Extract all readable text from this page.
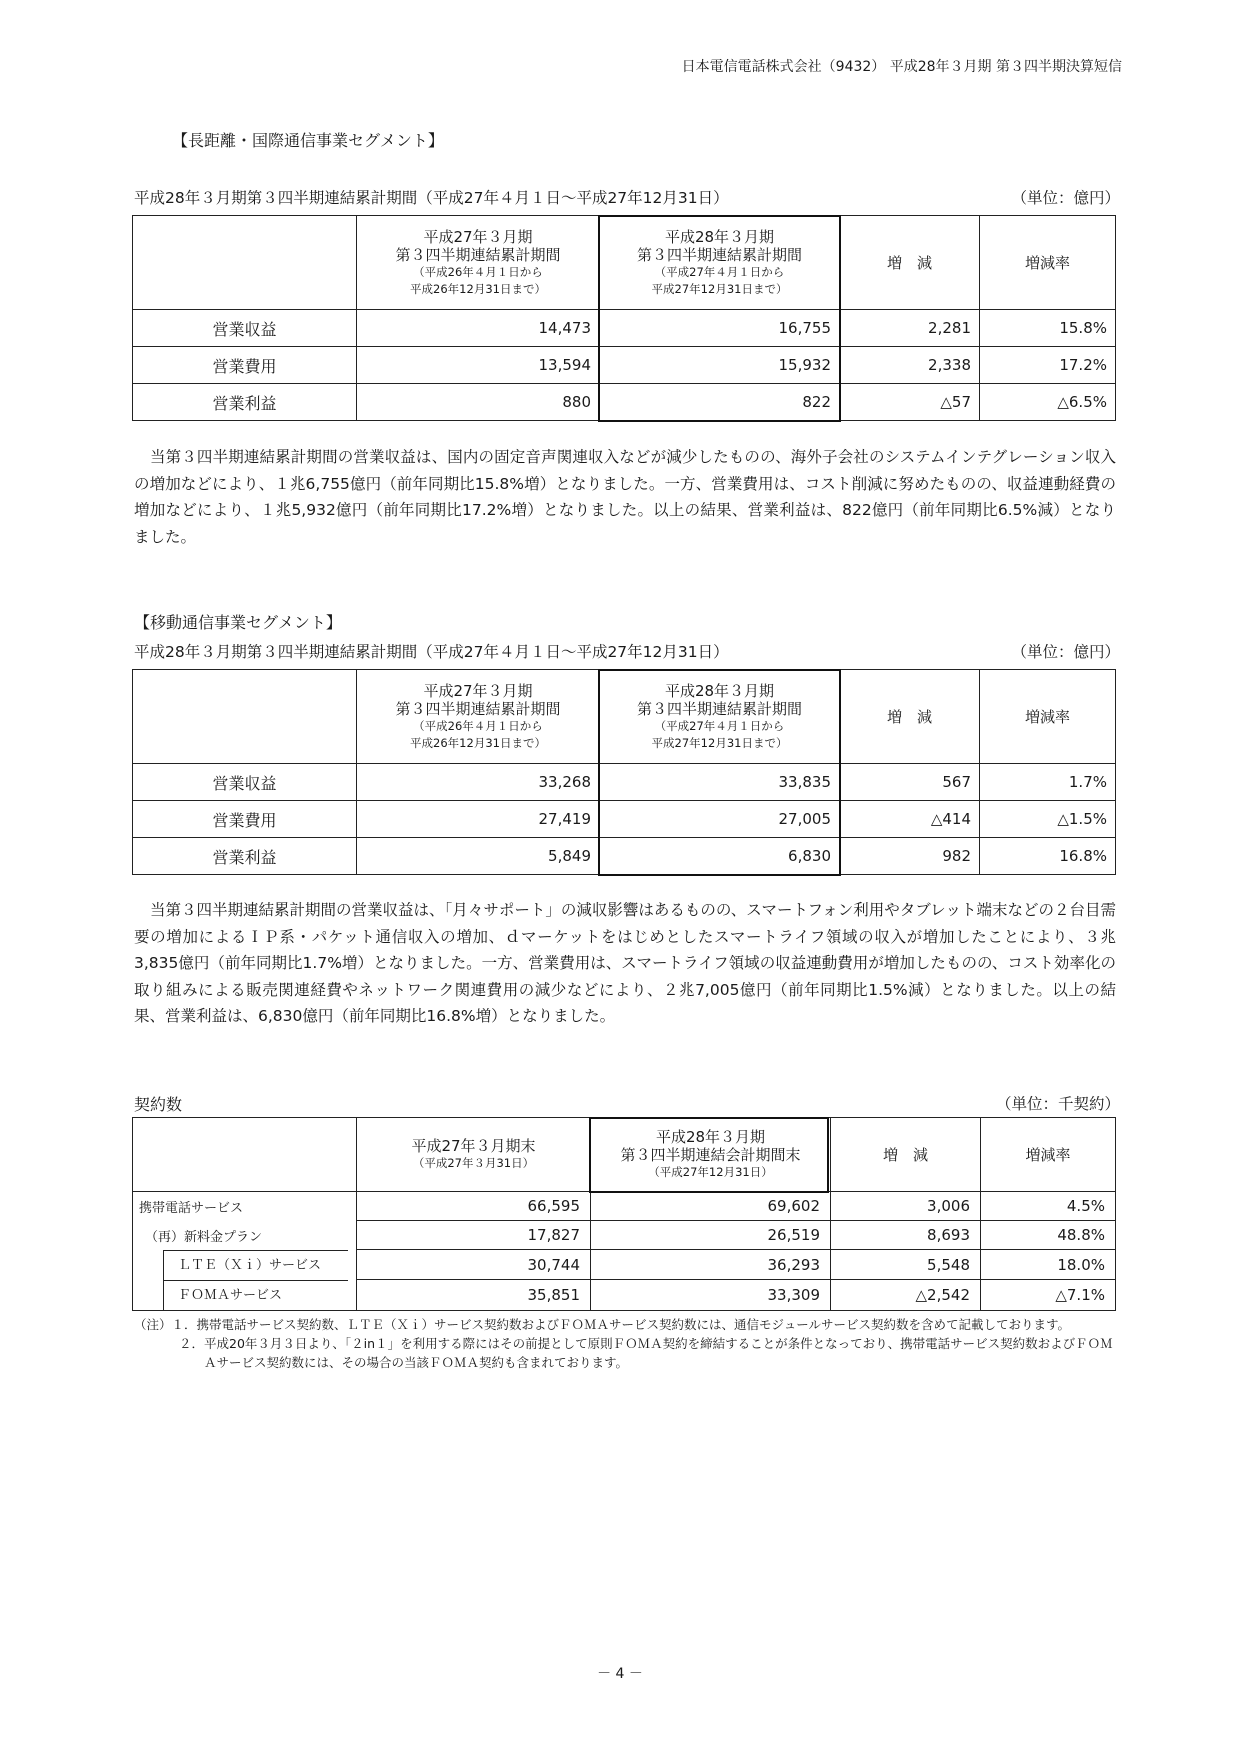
日本電信電話株式会社（9432） 平成28年３月期 第３四半期決算短信
【長距離・国際通信事業セグメント】
平成28年３月期第３四半期連結累計期間（平成27年４月１日～平成27年12月31日）	（単位：億円）

	平成27年３月期
第３四半期連結累計期間
（平成26年４月１日から
平成26年12月31日まで）	平成28年３月期
第３四半期連結累計期間
（平成27年４月１日から
平成27年12月31日まで）	増　減	増減率
営業収益	14,473	16,755	2,281	15.8%
営業費用	13,594	15,932	2,338	17.2%
営業利益	880	822	△57	△6.5%
当第３四半期連結累計期間の営業収益は、国内の固定音声関連収入などが減少したものの、海外子会社のシステムインテグレーション収入の増加などにより、１兆6,755億円（前年同期比15.8%増）となりました。一方、営業費用は、コスト削減に努めたものの、収益連動経費の増加などにより、１兆5,932億円（前年同期比17.2%増）となりました。以上の結果、営業利益は、822億円（前年同期比6.5%減）となりました。
【移動通信事業セグメント】
平成28年３月期第３四半期連結累計期間（平成27年４月１日～平成27年12月31日）	（単位：億円）

	平成27年３月期
第３四半期連結累計期間
（平成26年４月１日から
平成26年12月31日まで）	平成28年３月期
第３四半期連結累計期間
（平成27年４月１日から
平成27年12月31日まで）	増　減	増減率
営業収益	33,268	33,835	567	1.7%
営業費用	27,419	27,005	△414	△1.5%
営業利益	5,849	6,830	982	16.8%
当第３四半期連結累計期間の営業収益は、「月々サポート」の減収影響はあるものの、スマートフォン利用やタブレット端末などの２台目需要の増加によるＩＰ系・パケット通信収入の増加、ｄマーケットをはじめとしたスマートライフ領域の収入が増加したことにより、３兆3,835億円（前年同期比1.7%増）となりました。一方、営業費用は、スマートライフ領域の収益連動費用が増加したものの、コスト効率化の取り組みによる販売関連経費やネットワーク関連費用の減少などにより、２兆7,005億円（前年同期比1.5%減）となりました。以上の結果、営業利益は、6,830億円（前年同期比16.8%増）となりました。
契約数	（単位：千契約）

	平成27年３月期末
（平成27年３月31日）	平成28年３月期
第３四半期連結会計期間末
（平成27年12月31日）	増　減	増減率
携帯電話サービス	66,595	69,602	3,006	4.5%
（再）新料金プラン	17,827	26,519	8,693	48.8%

ＬＴＥ（Ｘｉ）サービス	30,744	36,293	5,548	18.0%

ＦＯＭＡサービス	35,851	33,309	△2,542	△7.1%
（注）１． 携帯電話サービス契約数、ＬＴＥ（Ｘｉ）サービス契約数およびＦＯＭＡサービス契約数には、通信モジュールサービス契約数を含めて記載しております。
２． 平成20年３月３日より、「２in１」を利用する際にはその前提として原則ＦＯＭＡ契約を締結することが条件となっており、携帯電話サービス契約数およびＦＯＭＡサービス契約数には、その場合の当該ＦＯＭＡ契約も含まれております。
－ 4 －
